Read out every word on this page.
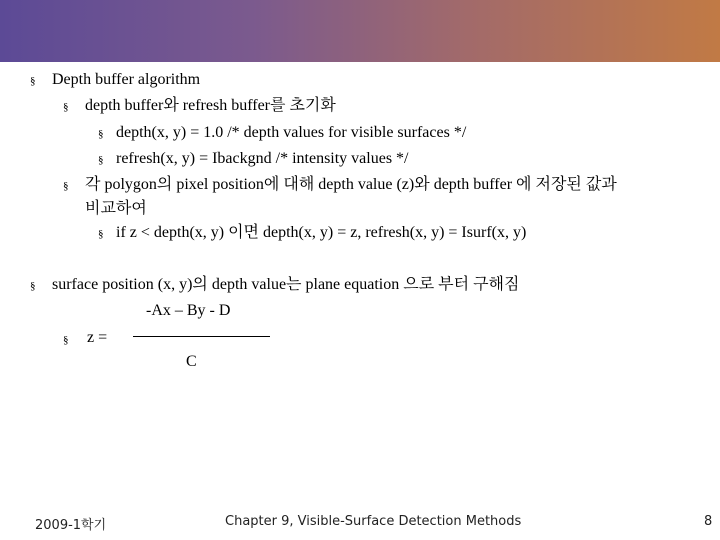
§ Depth buffer algorithm
§ depth buffer와 refresh buffer를 초기화
§ depth(x, y) = 1.0 /* depth values for visible surfaces */
§ refresh(x, y) = Ibackgnd /* intensity values */
§ 각 polygon의 pixel position에 대해 depth value (z)와 depth buffer 에 저장된 값과
비교하여
§ if z < depth(x, y) 이면 depth(x, y) = z, refresh(x, y) = Isurf(x, y)
§ surface position (x, y)의 depth value는 plane equation 으로 부터 구해짐
-Ax – By - D
§ z =
C
2009-1학기	Chapter 9, Visible-Surface Detection Methods	8
